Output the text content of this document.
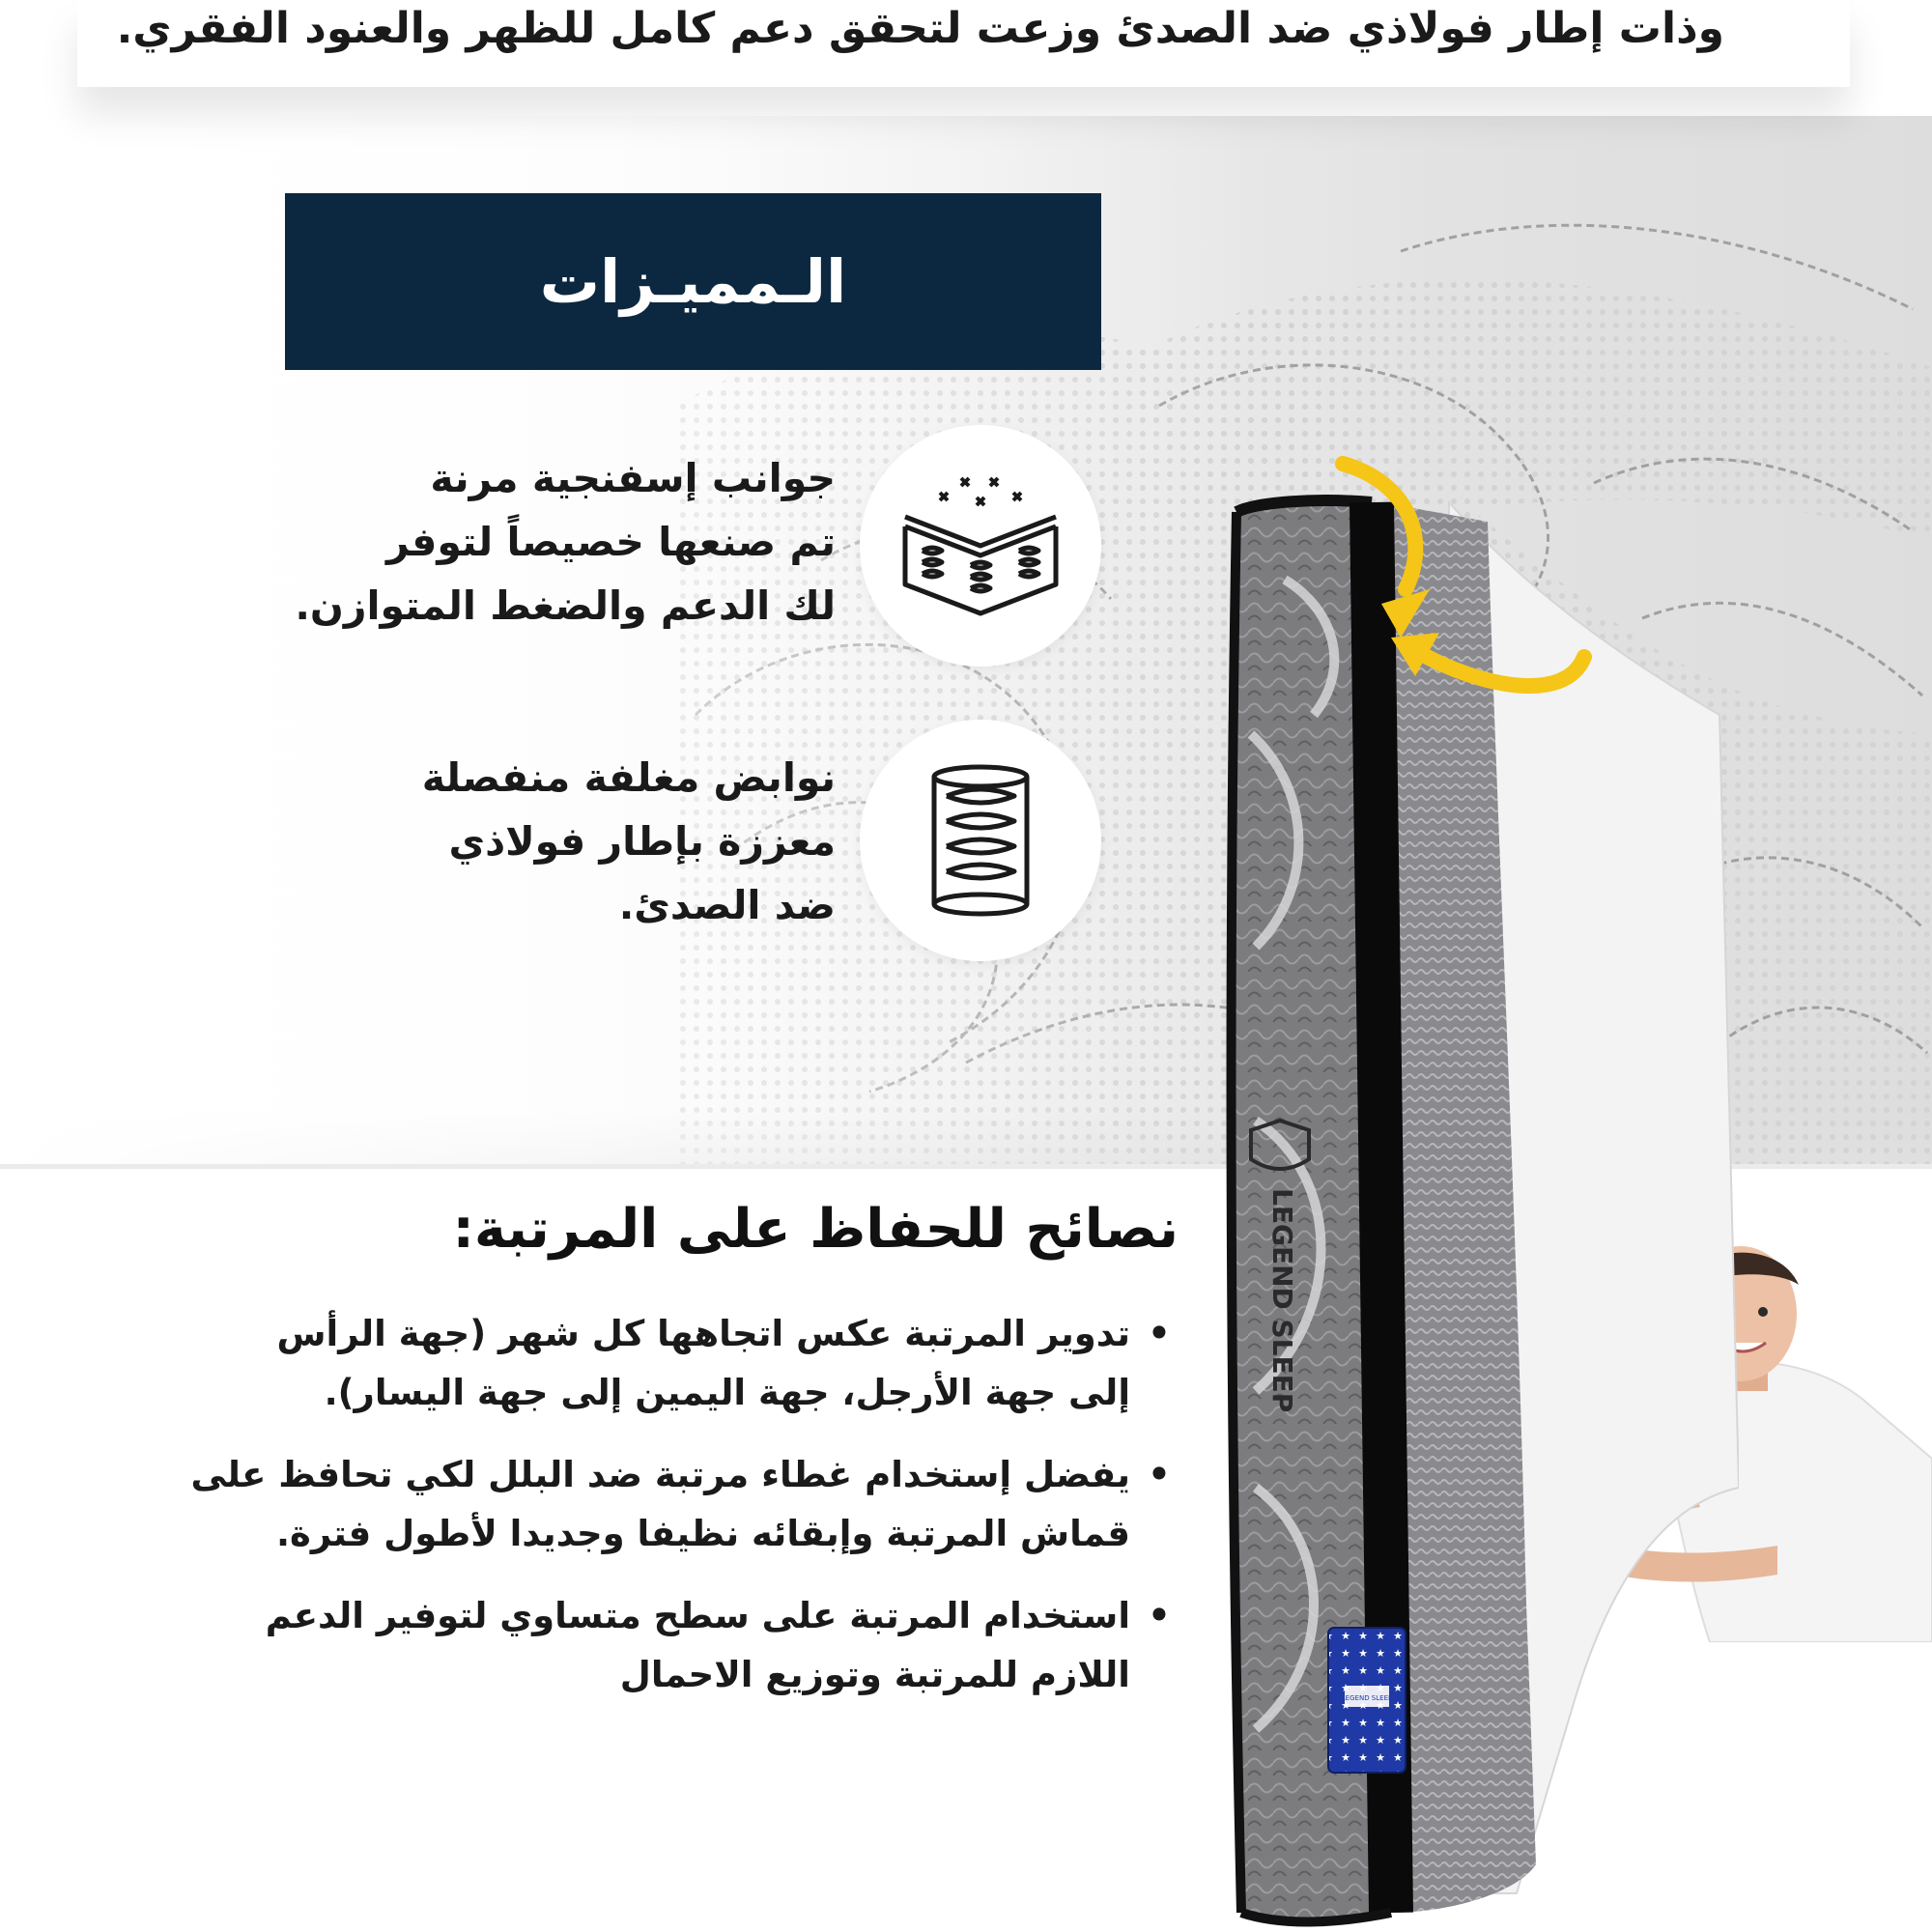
وذات إطار فولاذي ضد الصدئ وزعت لتحقق دعم كامل للظهر والعنود الفقري.
الـمميـزات
جوانب إسفنجية مرنة
تم صنعها خصيصاً لتوفر
لك الدعم والضغط المتوازن.
نوابض مغلفة منفصلة
معززة بإطار فولاذي
ضد الصدئ.
نصائح للحفاظ على المرتبة:
•
تدوير المرتبة عكس اتجاهها كل شهر (جهة الرأس
إلى جهة الأرجل، جهة اليمين إلى جهة اليسار).
•
يفضل إستخدام غطاء مرتبة ضد البلل لكي تحافظ على
قماش المرتبة وإبقائه نظيفا وجديدا لأطول فترة.
•
استخدام المرتبة على سطح متساوي لتوفير الدعم
اللازم للمرتبة وتوزيع الاحمال
LEGEND SLEEP
LEGEND SLEEP
